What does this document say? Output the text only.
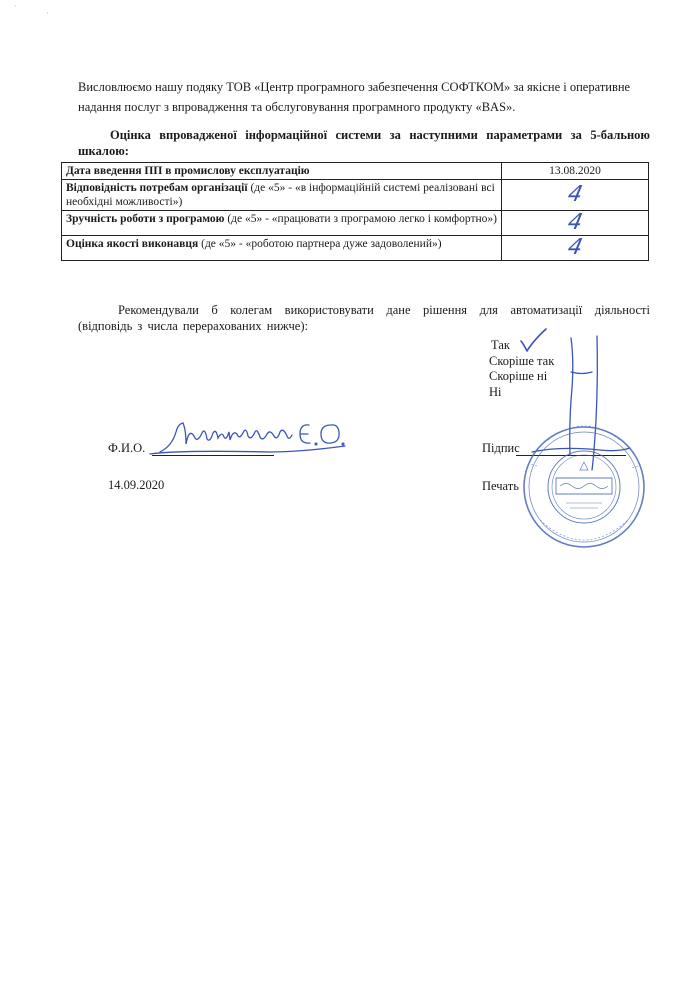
`	·

Висловлюємо нашу подяку ТОВ «Центр програмного забезпечення СОФТКОМ» за якісне і оперативне надання послуг з впровадження та обслуговування програмного продукту «BAS».

Оцінка впровадженої інформаційної системи за наступними параметрами за 5-бальною шкалою:

Дата введення ПП в промислову експлуатацію	13.08.2020
Відповідність потребам організації (де «5» - «в інформаційній системі реалізовані всі необхідні можливості»)	4
Зручність роботи з програмою (де «5» - «працювати з програмою легко і комфортно»)	4
Оцінка якості виконавця (де «5» - «роботою партнера дуже задоволений»)	4

Рекомендували б колегам використовувати дане рішення для автоматизації діяльності (відповідь з числа перерахованих нижче):

Так
Скоріше так
Скоріше ні
Ні
Ф.И.О.
14.09.2020
Підпис
Печать
